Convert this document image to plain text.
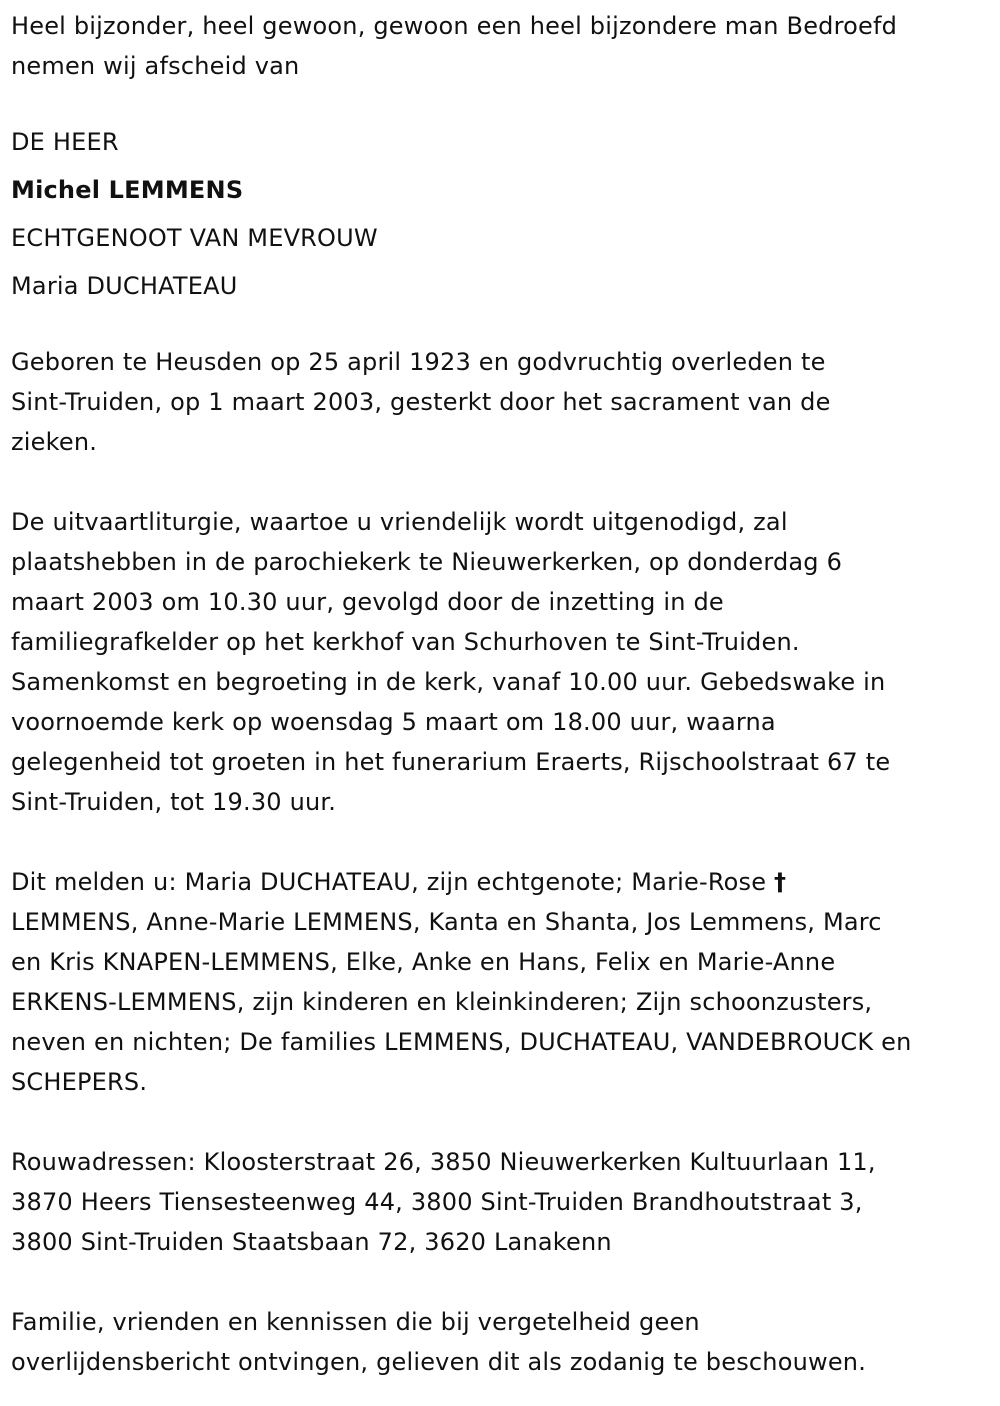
Heel bijzonder, heel gewoon, gewoon een heel bijzondere man Bedroefd
nemen wij afscheid van
DE HEER
Michel LEMMENS
ECHTGENOOT VAN MEVROUW
Maria DUCHATEAU
Geboren te Heusden op 25 april 1923 en godvruchtig overleden te
Sint-Truiden, op 1 maart 2003, gesterkt door het sacrament van de
zieken.
De uitvaartliturgie, waartoe u vriendelijk wordt uitgenodigd, zal
plaatshebben in de parochiekerk te Nieuwerkerken, op donderdag 6
maart 2003 om 10.30 uur, gevolgd door de inzetting in de
familiegrafkelder op het kerkhof van Schurhoven te Sint-Truiden.
Samenkomst en begroeting in de kerk, vanaf 10.00 uur. Gebedswake in
voornoemde kerk op woensdag 5 maart om 18.00 uur, waarna
gelegenheid tot groeten in het funerarium Eraerts, Rijschoolstraat 67 te
Sint-Truiden, tot 19.30 uur.
Dit melden u: Maria DUCHATEAU, zijn echtgenote; Marie-Rose †
LEMMENS, Anne-Marie LEMMENS, Kanta en Shanta, Jos Lemmens, Marc
en Kris KNAPEN-LEMMENS, Elke, Anke en Hans, Felix en Marie-Anne
ERKENS-LEMMENS, zijn kinderen en kleinkinderen; Zijn schoonzusters,
neven en nichten; De families LEMMENS, DUCHATEAU, VANDEBROUCK en
SCHEPERS.
Rouwadressen: Kloosterstraat 26, 3850 Nieuwerkerken Kultuurlaan 11,
3870 Heers Tiensesteenweg 44, 3800 Sint-Truiden Brandhoutstraat 3,
3800 Sint-Truiden Staatsbaan 72, 3620 Lanakenn
Familie, vrienden en kennissen die bij vergetelheid geen
overlijdensbericht ontvingen, gelieven dit als zodanig te beschouwen.
